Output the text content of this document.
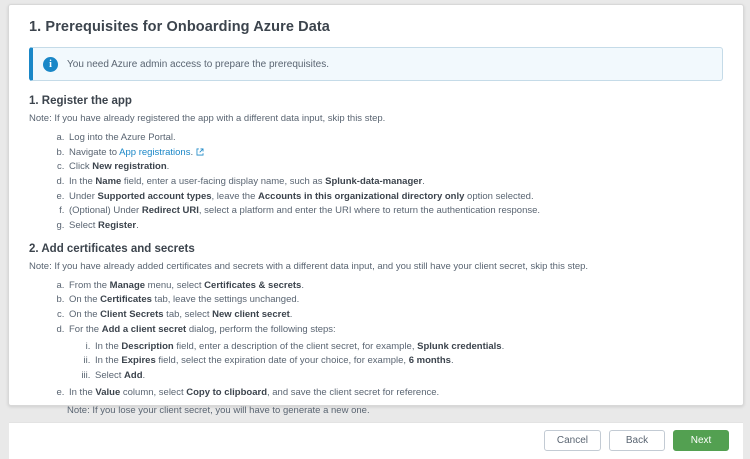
1. Prerequisites for Onboarding Azure Data
i	You need Azure admin access to prepare the prerequisites.
1. Register the app
Note: If you have already registered the app with a different data input, skip this step.
a. Log into the Azure Portal.
b. Navigate to App registrations.
c. Click New registration.
d. In the Name field, enter a user-facing display name, such as Splunk-data-manager.
e. Under Supported account types, leave the Accounts in this organizational directory only option selected.
f. (Optional) Under Redirect URI, select a platform and enter the URI where to return the authentication response.
g. Select Register.
2. Add certificates and secrets
Note: If you have already added certificates and secrets with a different data input, and you still have your client secret, skip this step.
a. From the Manage menu, select Certificates & secrets.
b. On the Certificates tab, leave the settings unchanged.
c. On the Client Secrets tab, select New client secret.
d. For the Add a client secret dialog, perform the following steps:
i. In the Description field, enter a description of the client secret, for example, Splunk credentials.
ii. In the Expires field, select the expiration date of your choice, for example, 6 months.
iii. Select Add.
e. In the Value column, select Copy to clipboard, and save the client secret for reference.
Note: If you lose your client secret, you will have to generate a new one.
Cancel	Back	Next
